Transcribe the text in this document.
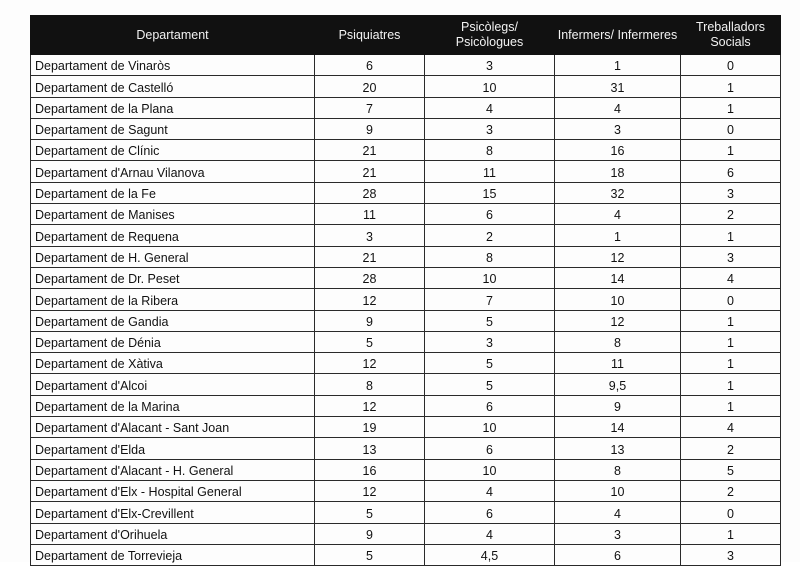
Departament	Psiquiatres	Psicòlegs/ Psicòlogues	Infermers/ Infermeres	Treballadors Socials
Departament de Vinaròs	6	3	1	0
Departament de Castelló	20	10	31	1
Departament de la Plana	7	4	4	1
Departament de Sagunt	9	3	3	0
Departament de Clínic	21	8	16	1
Departament d'Arnau Vilanova	21	11	18	6
Departament de la Fe	28	15	32	3
Departament de Manises	11	6	4	2
Departament de Requena	3	2	1	1
Departament de H. General	21	8	12	3
Departament de Dr. Peset	28	10	14	4
Departament de la Ribera	12	7	10	0
Departament de Gandia	9	5	12	1
Departament de Dénia	5	3	8	1
Departament de Xàtiva	12	5	11	1
Departament d'Alcoi	8	5	9,5	1
Departament de la Marina	12	6	9	1
Departament d'Alacant - Sant Joan	19	10	14	4
Departament d'Elda	13	6	13	2
Departament d'Alacant - H. General	16	10	8	5
Departament d'Elx - Hospital General	12	4	10	2
Departament d'Elx-Crevillent	5	6	4	0
Departament d'Orihuela	9	4	3	1
Departament de Torrevieja	5	4,5	6	3
